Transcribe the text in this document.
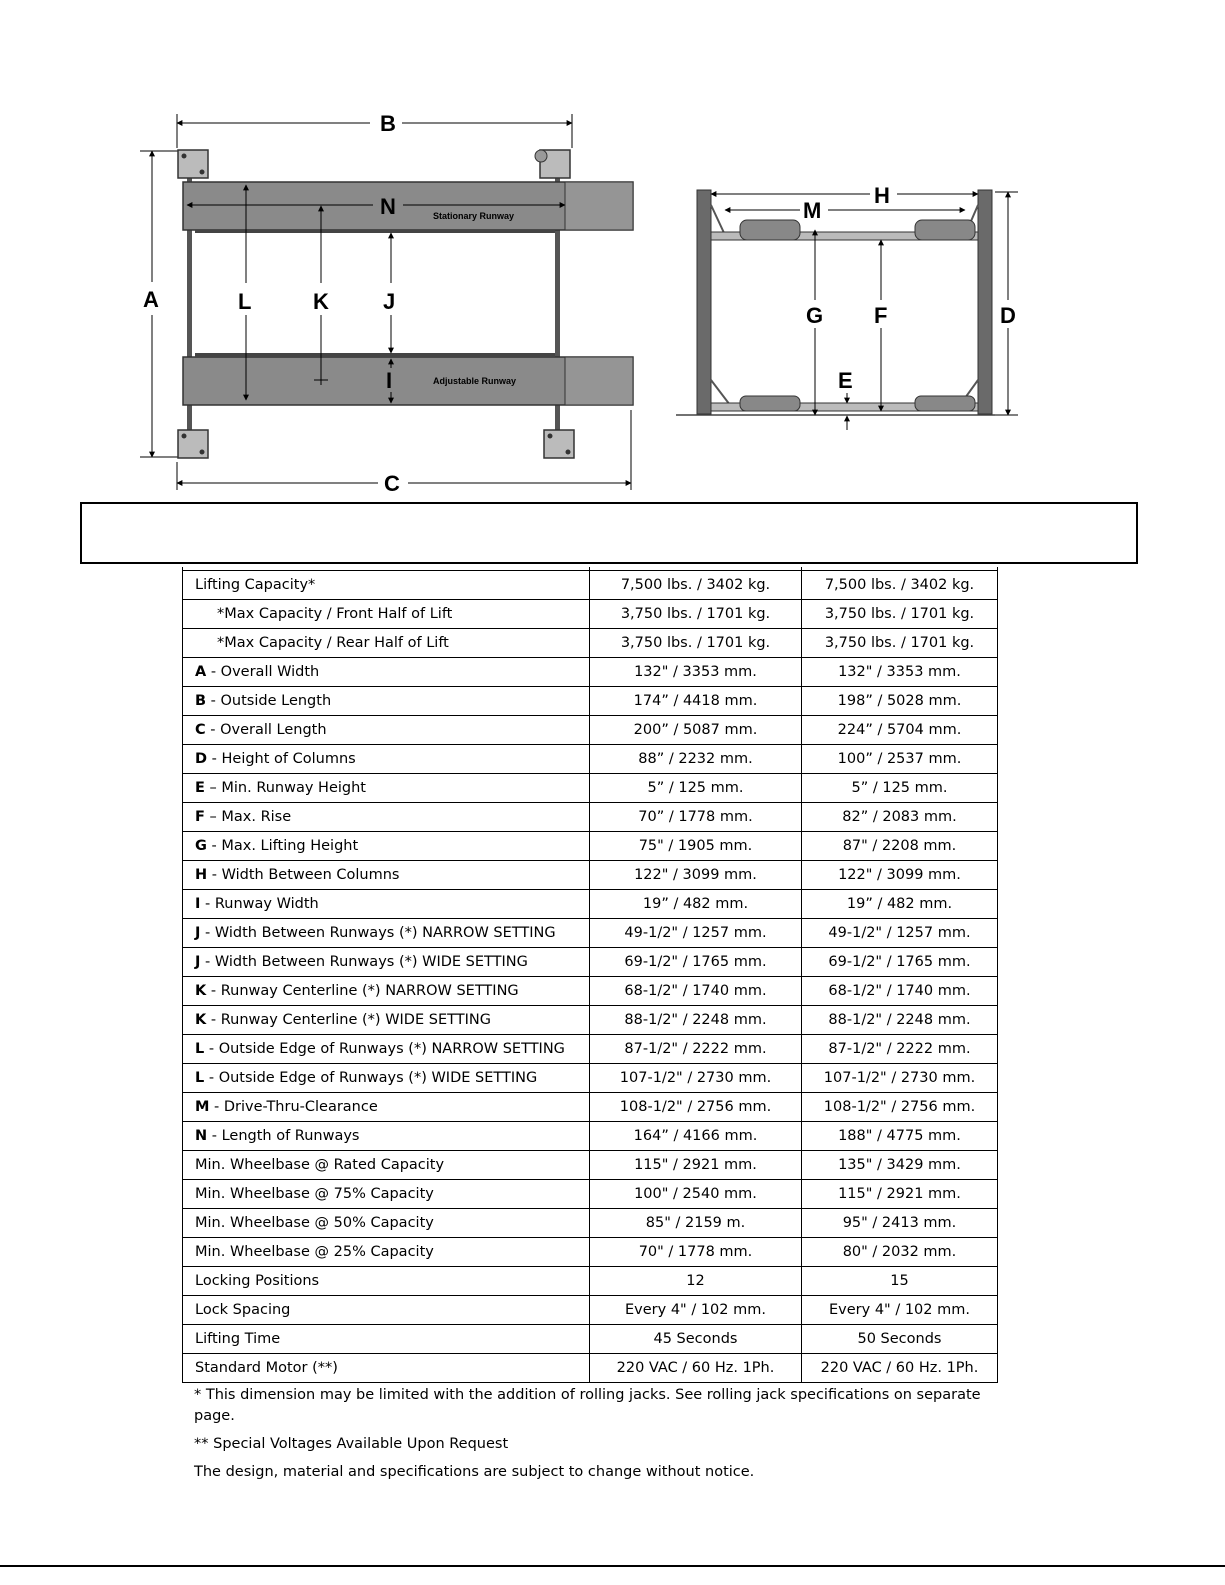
B
C
A
Stationary Runway
Adjustable Runway
N
L	K J
I
H
M
D
G F
E

Lifting Capacity*	7,500 lbs. / 3402 kg.	7,500 lbs. / 3402 kg.
*Max Capacity / Front Half of Lift	3,750 lbs. / 1701 kg.	3,750 lbs. / 1701 kg.
*Max Capacity / Rear Half of Lift	3,750 lbs. / 1701 kg.	3,750 lbs. / 1701 kg.
A - Overall Width	132" / 3353 mm.	132" / 3353 mm.
B - Outside Length	174” / 4418 mm.	198” / 5028 mm.
C - Overall Length	200” / 5087 mm.	224” / 5704 mm.
D - Height of Columns	88” / 2232 mm.	100” / 2537 mm.
E – Min. Runway Height	5” / 125 mm.	5” / 125 mm.
F – Max. Rise	70” / 1778 mm.	82” / 2083 mm.
G - Max. Lifting Height	75" / 1905 mm.	87" / 2208 mm.
H - Width Between Columns	122" / 3099 mm.	122" / 3099 mm.
I - Runway Width	19” / 482 mm.	19” / 482 mm.
J - Width Between Runways (*) NARROW SETTING	49-1/2" / 1257 mm.	49-1/2" / 1257 mm.
J - Width Between Runways (*) WIDE SETTING	69-1/2" / 1765 mm.	69-1/2" / 1765 mm.
K - Runway Centerline (*) NARROW SETTING	68-1/2" / 1740 mm.	68-1/2" / 1740 mm.
K - Runway Centerline (*) WIDE SETTING	88-1/2" / 2248 mm.	88-1/2" / 2248 mm.
L - Outside Edge of Runways (*) NARROW SETTING	87-1/2" / 2222 mm.	87-1/2" / 2222 mm.
L - Outside Edge of Runways (*) WIDE SETTING	107-1/2" / 2730 mm.	107-1/2" / 2730 mm.
M - Drive-Thru-Clearance	108-1/2" / 2756 mm.	108-1/2" / 2756 mm.
N - Length of Runways	164” / 4166 mm.	188" / 4775 mm.
Min. Wheelbase @ Rated Capacity	115" / 2921 mm.	135" / 3429 mm.
Min. Wheelbase @ 75% Capacity	100" / 2540 mm.	115" / 2921 mm.
Min. Wheelbase @ 50% Capacity	85" / 2159 m.	95" / 2413 mm.
Min. Wheelbase @ 25% Capacity	70" / 1778 mm.	80" / 2032 mm.
Locking Positions	12	15
Lock Spacing	Every 4" / 102 mm.	Every 4" / 102 mm.
Lifting Time	45 Seconds	50 Seconds
Standard Motor (**)	220 VAC / 60 Hz. 1Ph.	220 VAC / 60 Hz. 1Ph.

* This dimension may be limited with the addition of rolling jacks. See rolling jack specifications on separate page.

** Special Voltages Available Upon Request

The design, material and specifications are subject to change without notice.
